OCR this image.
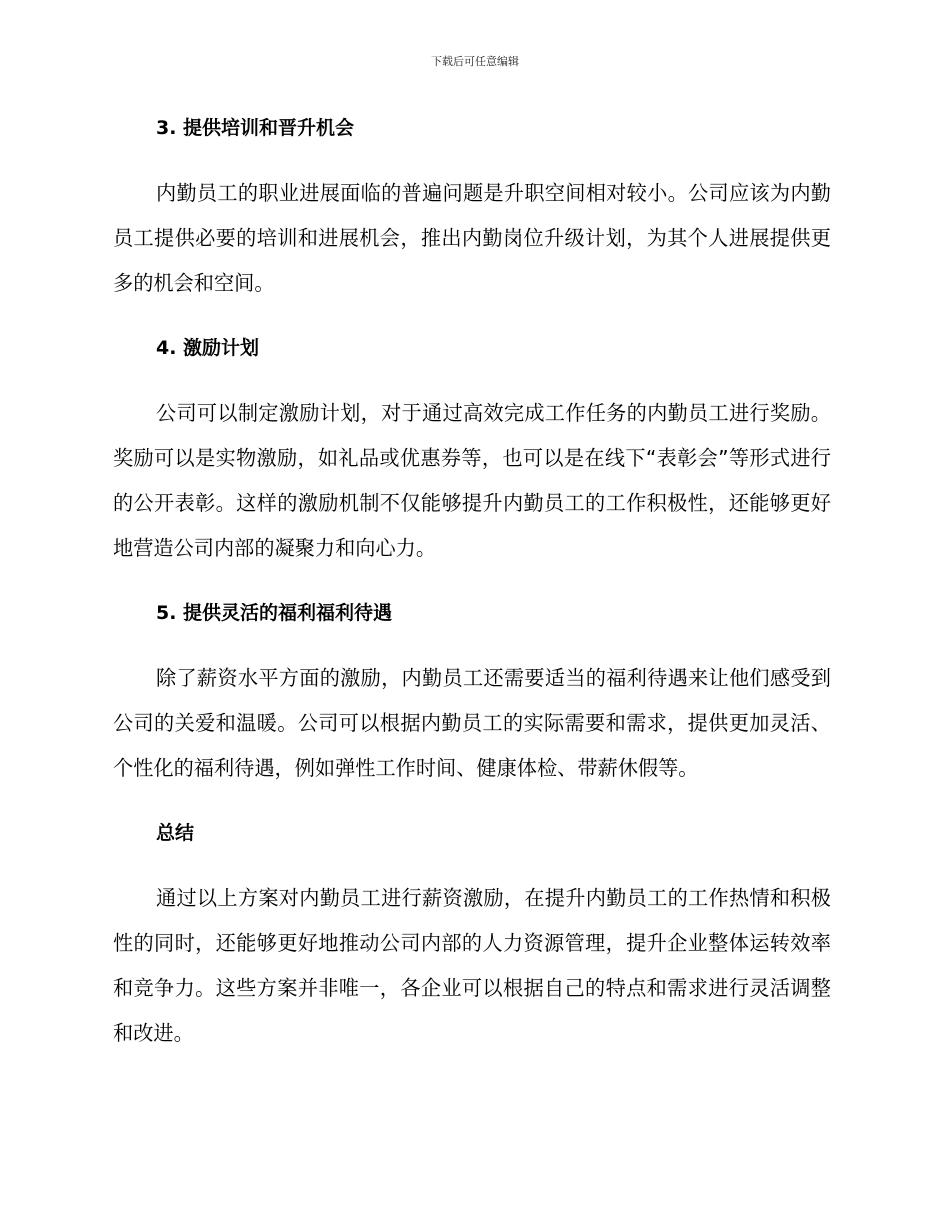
下载后可任意编辑
3. 提供培训和晋升机会

内勤员工的职业进展面临的普遍问题是升职空间相对较小。公司应该为内勤员工提供必要的培训和进展机会，推出内勤岗位升级计划，为其个人进展提供更多的机会和空间。

4. 激励计划

公司可以制定激励计划，对于通过高效完成工作任务的内勤员工进行奖励。奖励可以是实物激励，如礼品或优惠券等，也可以是在线下“表彰会”等形式进行的公开表彰。这样的激励机制不仅能够提升内勤员工的工作积极性，还能够更好地营造公司内部的凝聚力和向心力。

5. 提供灵活的福利福利待遇

除了薪资水平方面的激励，内勤员工还需要适当的福利待遇来让他们感受到公司的关爱和温暖。公司可以根据内勤员工的实际需要和需求，提供更加灵活、个性化的福利待遇，例如弹性工作时间、健康体检、带薪休假等。

总结

通过以上方案对内勤员工进行薪资激励，在提升内勤员工的工作热情和积极性的同时，还能够更好地推动公司内部的人力资源管理，提升企业整体运转效率和竞争力。这些方案并非唯一，各企业可以根据自己的特点和需求进行灵活调整和改进。
